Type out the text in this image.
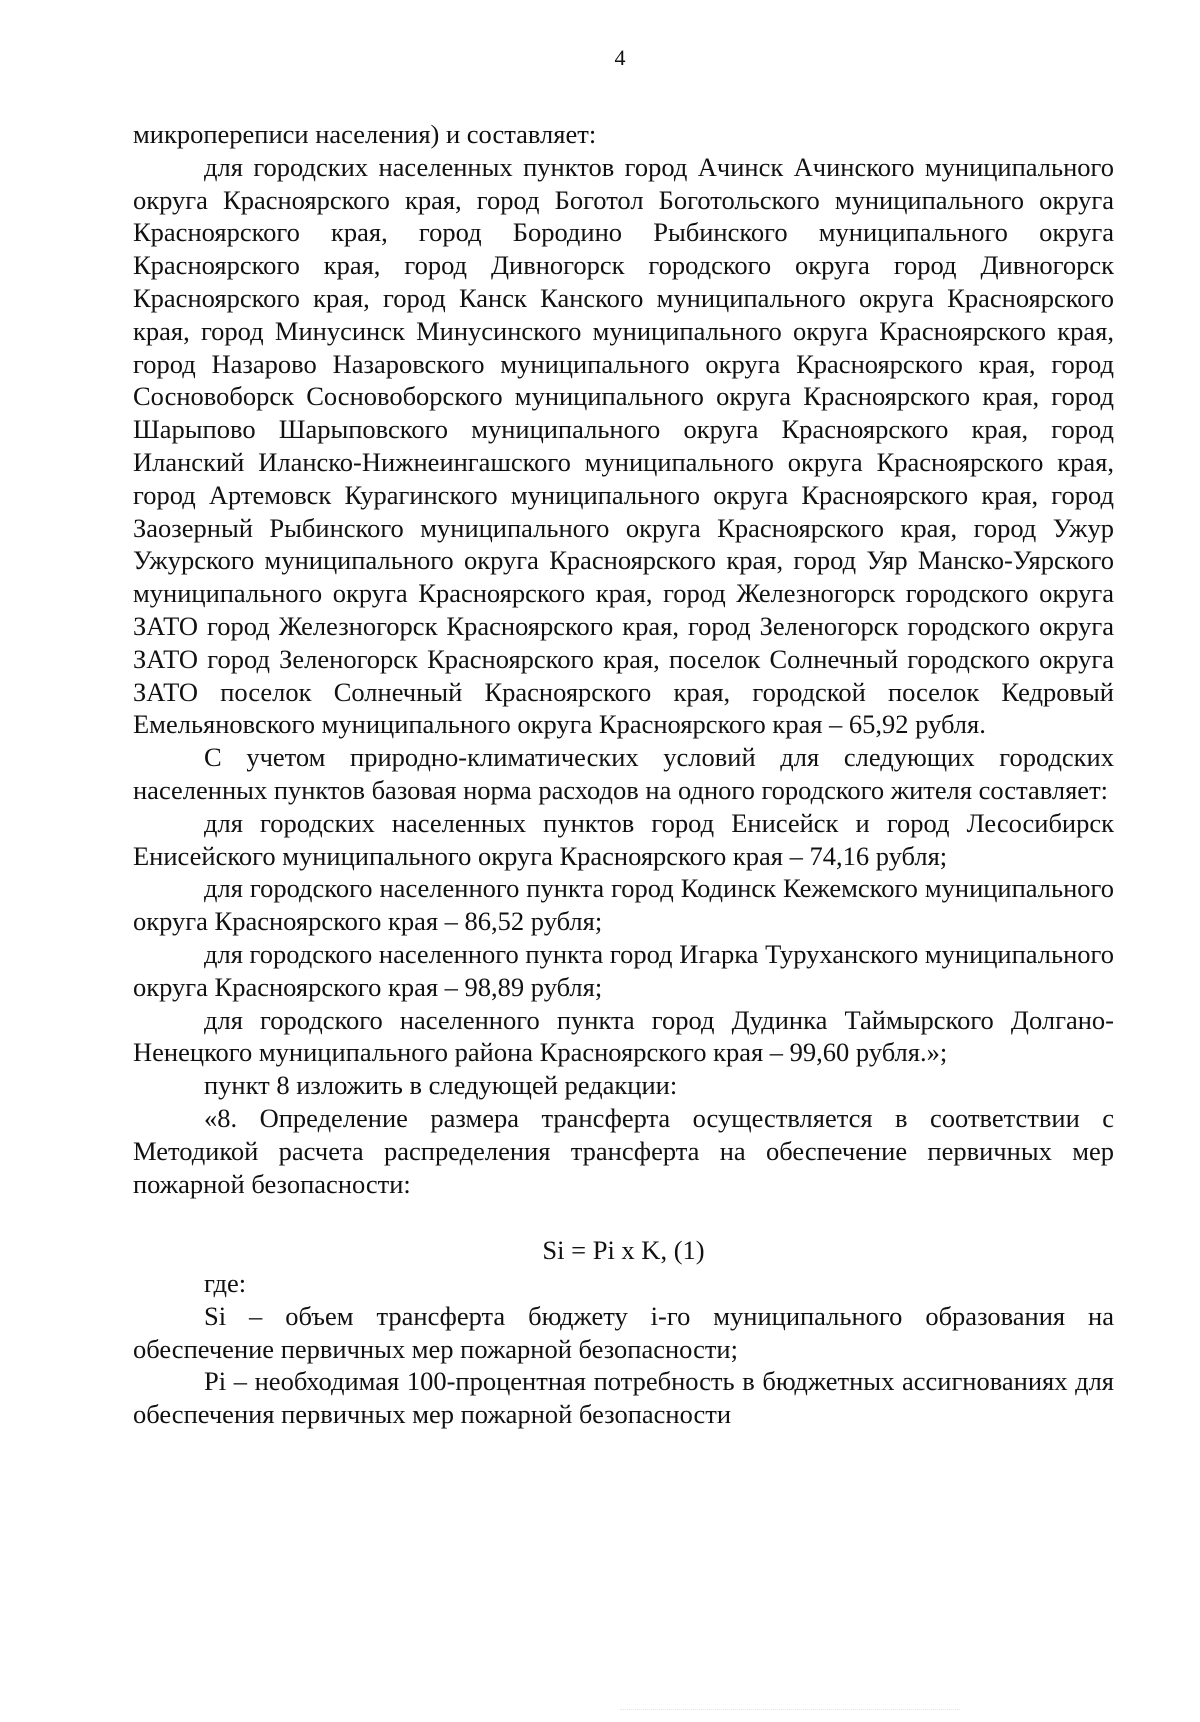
4

микропереписи населения) и составляет:

для городских населенных пунктов город Ачинск Ачинского муниципального округа Красноярского края, город Боготол Боготольского муниципального округа Красноярского края, город Бородино Рыбинского муниципального округа Красноярского края, город Дивногорск городского округа город Дивногорск Красноярского края, город Канск Канского муниципального округа Красноярского края, город Минусинск Минусинского муниципального округа Красноярского края, город Назарово Назаровского муниципального округа Красноярского края, город Сосновоборск Сосновоборского муниципального округа Красноярского края, город Шарыпово Шарыповского муниципального округа Красноярского края, город Иланский Иланско-Нижнеингашского муниципального округа Красноярского края, город Артемовск Курагинского муниципального округа Красноярского края, город Заозерный Рыбинского муниципального округа Красноярского края, город Ужур Ужурского муниципального округа Красноярского края, город Уяр Манско-Уярского муниципального округа Красноярского края, город Железногорск городского округа ЗАТО город Железногорск Красноярского края, город Зеленогорск городского округа ЗАТО город Зеленогорск Красноярского края, поселок Солнечный городского округа ЗАТО поселок Солнечный Красноярского края, городской поселок Кедровый Емельяновского муниципального округа Красноярского края – 65,92 рубля.

С учетом природно-климатических условий для следующих городских населенных пунктов базовая норма расходов на одного городского жителя составляет:

для городских населенных пунктов город Енисейск и город Лесосибирск Енисейского муниципального округа Красноярского края – 74,16 рубля;

для городского населенного пункта город Кодинск Кежемского муниципального округа Красноярского края – 86,52 рубля;

для городского населенного пункта город Игарка Туруханского муниципального округа Красноярского края – 98,89 рубля;

для городского населенного пункта город Дудинка Таймырского Долгано-Ненецкого муниципального района Красноярского края – 99,60 рубля.»;

пункт 8 изложить в следующей редакции:

«8. Определение размера трансферта осуществляется в соответствии с Методикой расчета распределения трансферта на обеспечение первичных мер пожарной безопасности:

Si = Pi x K, (1)

где:

Si – объем трансферта бюджету i-го муниципального образования на обеспечение первичных мер пожарной безопасности;

Pi – необходимая 100-процентная потребность в бюджетных ассигнованиях для обеспечения первичных мер пожарной безопасности
